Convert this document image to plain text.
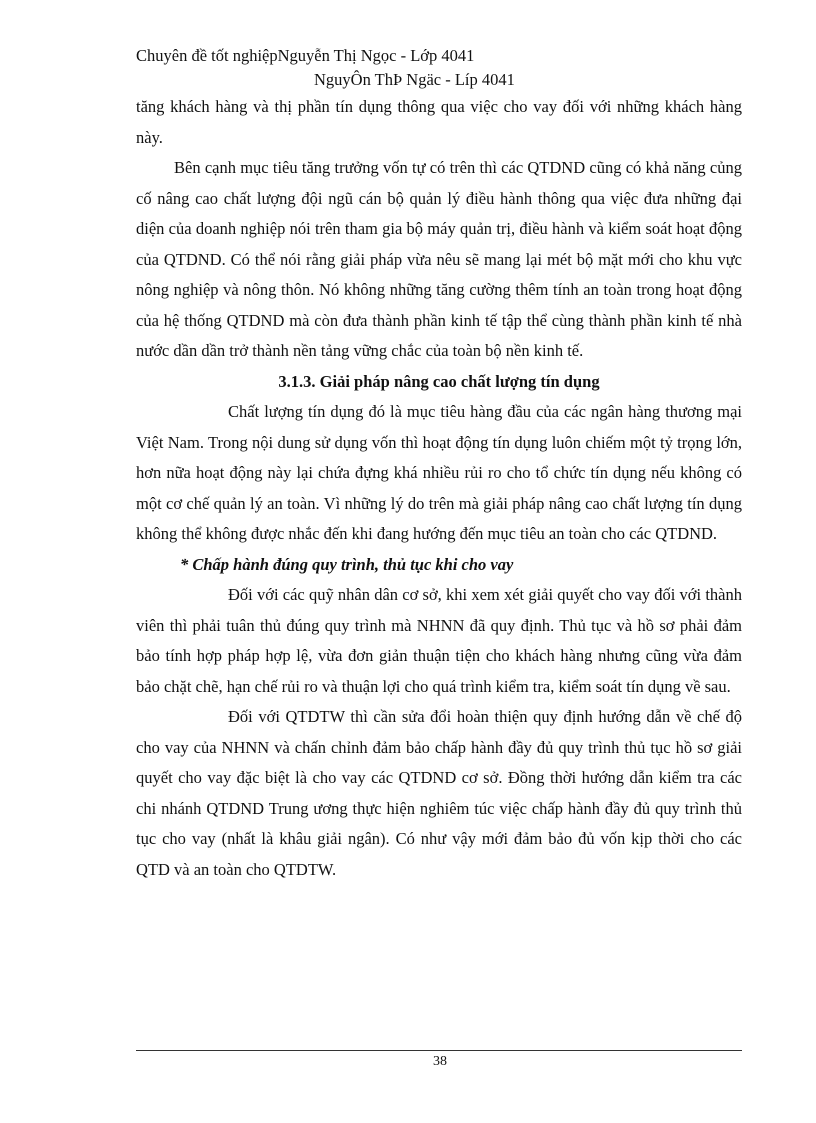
Chuyên đề tốt nghiệpNguyễn Thị Ngọc - Lớp 4041

NguyÔn ThÞ Ngäc - Líp 4041

tăng khách hàng và thị phần tín dụng thông qua việc cho vay đối với những khách hàng này.

Bên cạnh mục tiêu tăng trưởng vốn tự có trên thì các QTDND cũng có khả năng củng cố nâng cao chất lượng đội ngũ cán bộ quản lý điều hành thông qua việc đưa những đại diện của doanh nghiệp nói trên tham gia bộ máy quản trị, điều hành và kiểm soát hoạt động của QTDND. Có thể nói rằng giải pháp vừa nêu sẽ mang lại mét bộ mặt mới cho khu vực nông nghiệp và nông thôn. Nó không những tăng cường thêm tính an toàn trong hoạt động của hệ thống QTDND mà còn đưa thành phần kinh tế tập thể cùng thành phần kinh tế nhà nước dần dần trở thành nền tảng vững chắc của toàn bộ nền kinh tế.

3.1.3. Giải pháp nâng cao chất lượng tín dụng

Chất lượng tín dụng đó là mục tiêu hàng đầu của các ngân hàng thương mại Việt Nam. Trong nội dung sử dụng vốn thì hoạt động tín dụng luôn chiếm một tỷ trọng lớn, hơn nữa hoạt động này lại chứa đựng khá nhiều rủi ro cho tổ chức tín dụng nếu không có một cơ chế quản lý an toàn. Vì những lý do trên mà giải pháp nâng cao chất lượng tín dụng không thể không được nhắc đến khi đang hướng đến mục tiêu an toàn cho các QTDND.

* Chấp hành đúng quy trình, thủ tục khi cho vay

Đối với các quỹ nhân dân cơ sở, khi xem xét giải quyết cho vay đối với thành viên thì phải tuân thủ đúng quy trình mà NHNN đã quy định. Thủ tục và hồ sơ phải đảm bảo tính hợp pháp hợp lệ, vừa đơn giản thuận tiện cho khách hàng nhưng cũng vừa đảm bảo chặt chẽ, hạn chế rủi ro và thuận lợi cho quá trình kiểm tra, kiểm soát tín dụng về sau.

Đối với QTDTW thì cần sửa đổi hoàn thiện quy định hướng dẫn về chế độ cho vay của NHNN và chấn chỉnh đảm bảo chấp hành đầy đủ quy trình thủ tục hồ sơ giải quyết cho vay đặc biệt là cho vay các QTDND cơ sở. Đồng thời hướng dẫn kiểm tra các chi nhánh QTDND Trung ương thực hiện nghiêm túc việc chấp hành đầy đủ quy trình thủ tục cho vay (nhất là khâu giải ngân). Có như vậy mới đảm bảo đủ vốn kịp thời cho các QTD và an toàn cho QTDTW.

38
